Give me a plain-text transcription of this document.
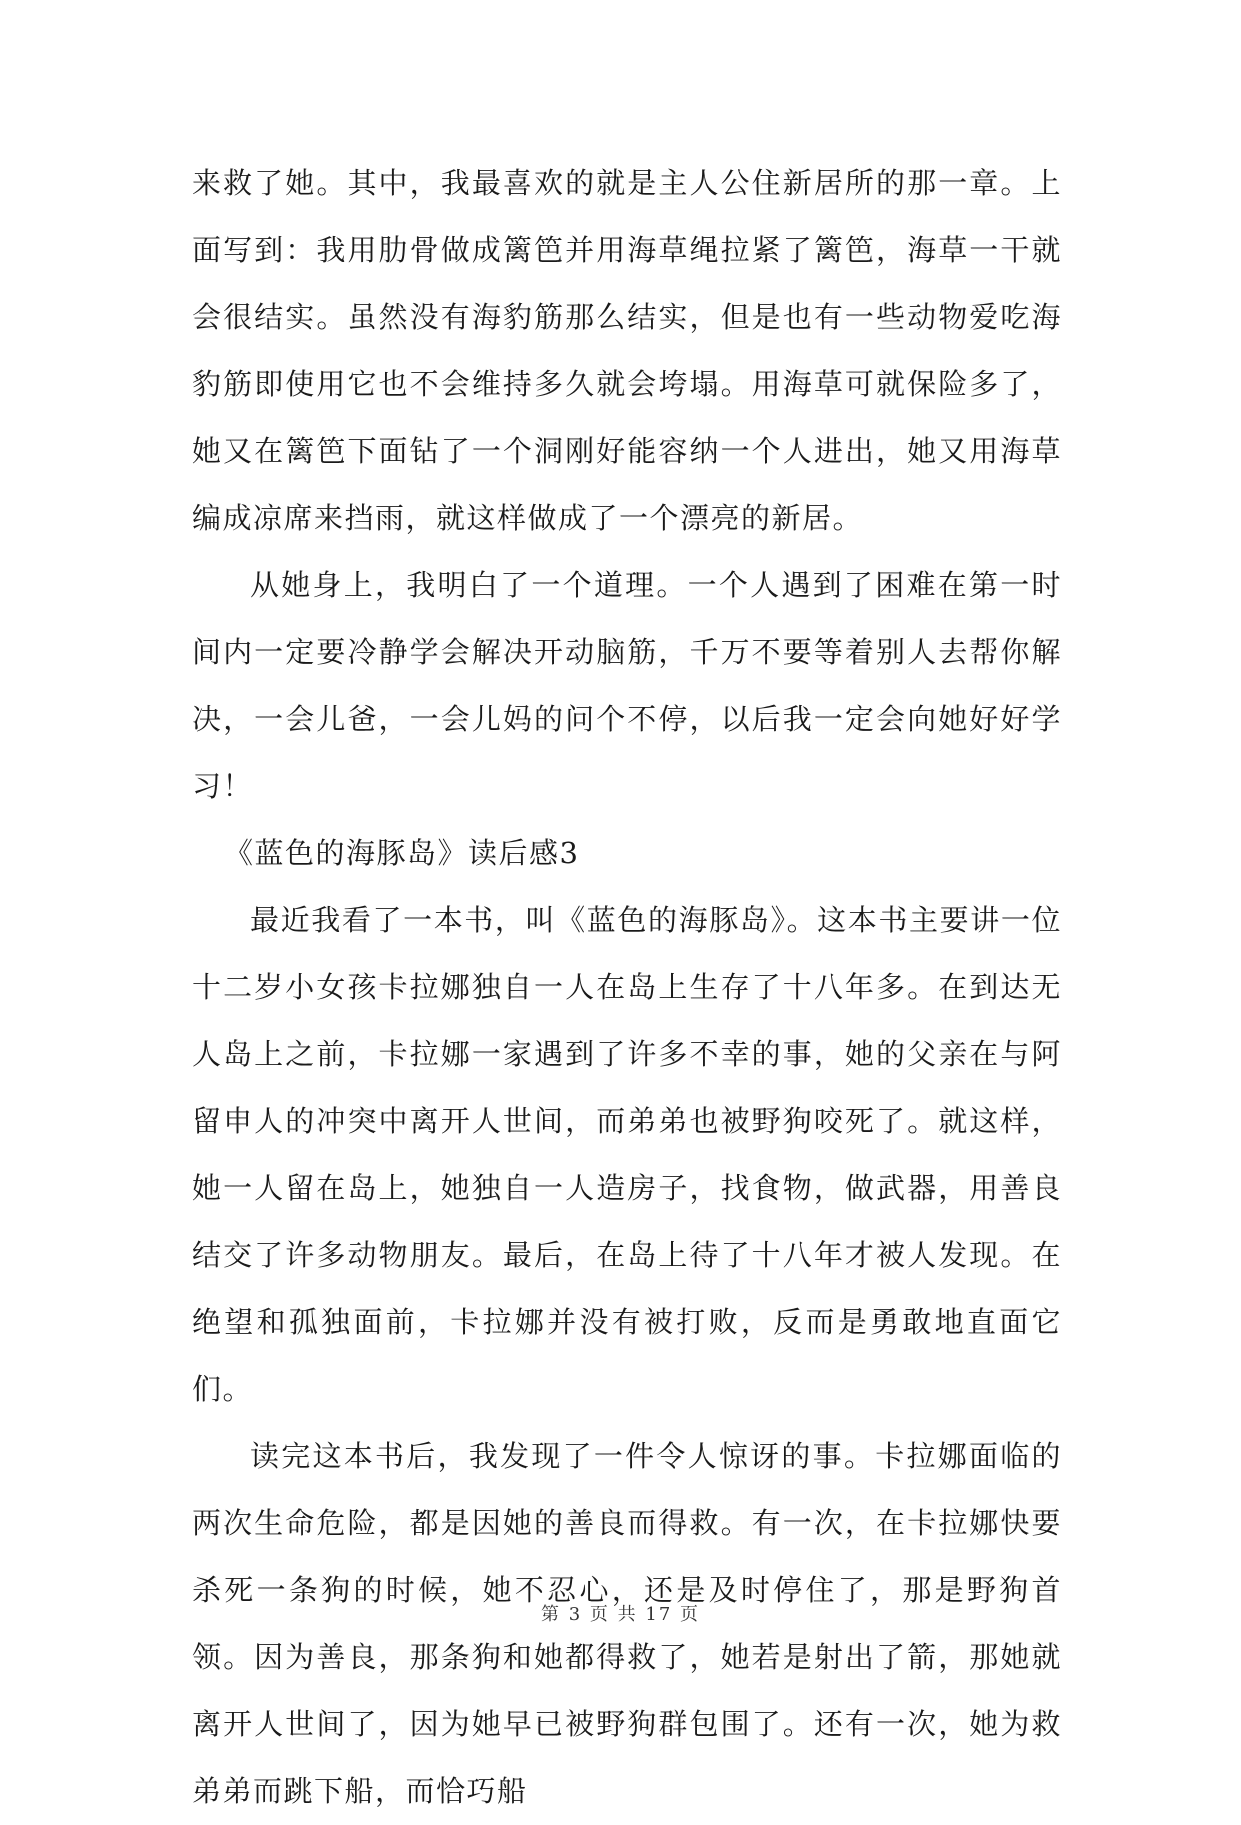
来救了她。其中，我最喜欢的就是主人公住新居所的那一章。上面写到：我用肋骨做成篱笆并用海草绳拉紧了篱笆，海草一干就会很结实。虽然没有海豹筋那么结实，但是也有一些动物爱吃海豹筋即使用它也不会维持多久就会垮塌。用海草可就保险多了，她又在篱笆下面钻了一个洞刚好能容纳一个人进出，她又用海草编成凉席来挡雨，就这样做成了一个漂亮的新居。

从她身上，我明白了一个道理。一个人遇到了困难在第一时间内一定要冷静学会解决开动脑筋，千万不要等着别人去帮你解决，一会儿爸，一会儿妈的问个不停，以后我一定会向她好好学习！

《蓝色的海豚岛》读后感3

最近我看了一本书，叫《蓝色的海豚岛》。这本书主要讲一位十二岁小女孩卡拉娜独自一人在岛上生存了十八年多。在到达无人岛上之前，卡拉娜一家遇到了许多不幸的事，她的父亲在与阿留申人的冲突中离开人世间，而弟弟也被野狗咬死了。就这样，她一人留在岛上，她独自一人造房子，找食物，做武器，用善良结交了许多动物朋友。最后，在岛上待了十八年才被人发现。在绝望和孤独面前，卡拉娜并没有被打败，反而是勇敢地直面它们。

读完这本书后，我发现了一件令人惊讶的事。卡拉娜面临的两次生命危险，都是因她的善良而得救。有一次，在卡拉娜快要杀死一条狗的时候，她不忍心，还是及时停住了，那是野狗首领。因为善良，那条狗和她都得救了，她若是射出了箭，那她就离开人世间了，因为她早已被野狗群包围了。还有一次，她为救弟弟而跳下船，而恰巧船

第 3 页 共 17 页
